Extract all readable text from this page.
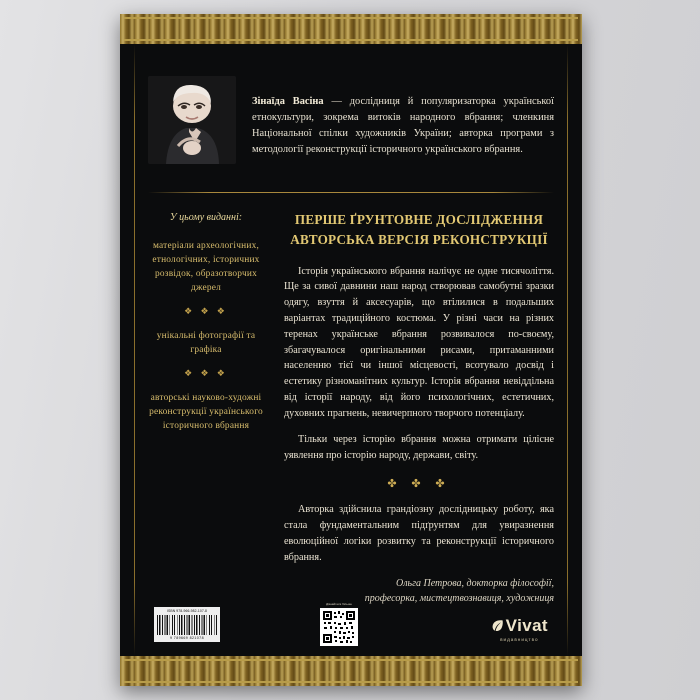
Зінаїда Васіна — дослідниця й популяризаторка української етнокультури, зокрема витоків народного вбрання; членкиня Національної спілки художників України; авторка програми з методології реконструкції історичного українського вбрання.
У цьому виданні:
матеріали археологічних, етнологічних, історичних розвідок, образотворчих джерел
❖ ❖ ❖
унікальні фотографії та графіка
❖ ❖ ❖
авторські науково-художні реконструкції українського історичного вбрання
ПЕРШЕ ҐРУНТОВНЕ ДОСЛІДЖЕННЯ
АВТОРСЬКА ВЕРСІЯ РЕКОНСТРУКЦІЇ

Історія українського вбрання налічує не одне тисячоліття. Ще за сивої давнини наш народ створював самобутні зразки одягу, взуття й аксесуарів, що втілилися в подальших варіантах традиційного костюма. У різні часи на різних теренах українське вбрання розвивалося по-своєму, збагачувалося оригінальними рисами, притаманними населенню тієї чи іншої місцевості, всотувало досвід і естетику різноманітних культур. Історія вбрання невіддільна від історії народу, від його психологічних, естетичних, духовних прагнень, невичерпного творчого потенціалу.

Тільки через історію вбрання можна отримати цілісне уявлення про історію народу, держави, світу.

✤ ✤ ✤

Авторка здійснила грандіозну дослідницьку роботу, яка стала фундаментальним підґрунтям для увиразнення еволюційної логіки розвитку та реконструкції історичного вбрання.

Ольга Петрова, докторка філософії,
професорка, мистецтвознавиця, художниця
ISBN 978-966-982-107-8
9 789669 821078
Дізнайтеся більше
Vivat
видавництво
